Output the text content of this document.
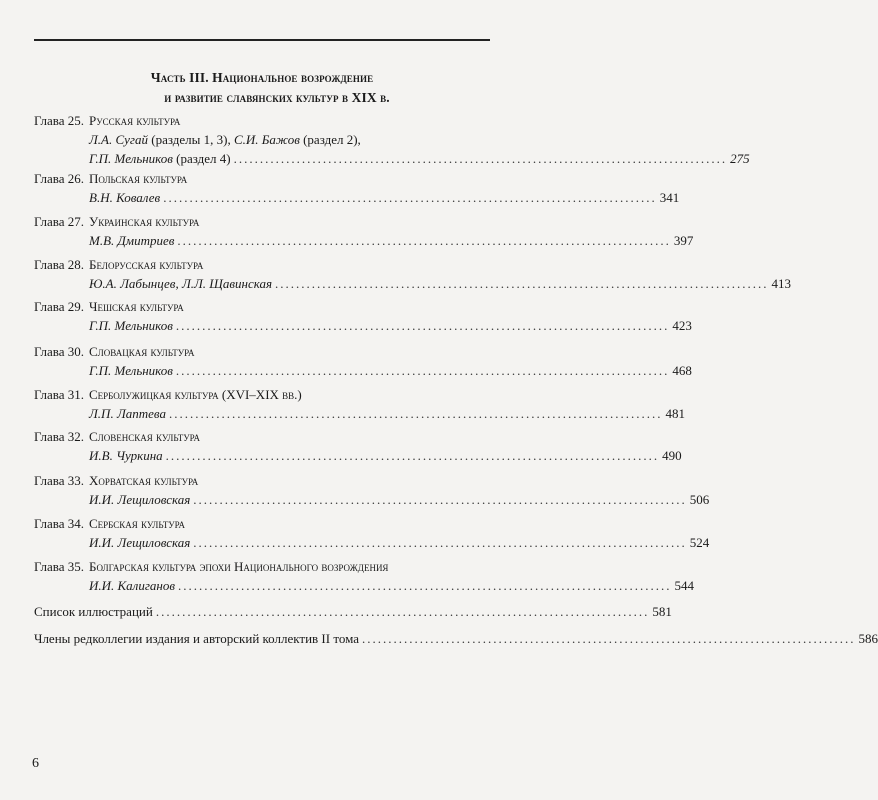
Часть III. Национальное возрождение
и развитие славянских культур в XIX в.
Глава 25. Русская культура
Л.А. Сугай (разделы 1, 3), С.И. Бажов (раздел 2),
Г.П. Мельников (раздел 4) .............................................................................................. 275
Глава 26. Польская культура
В.Н. Ковалев .............................................................................................. 341
Глава 27. Украинская культура
М.В. Дмитриев .............................................................................................. 397
Глава 28. Белорусская культура
Ю.А. Лабынцев, Л.Л. Щавинская .............................................................................................. 413
Глава 29. Чешская культура
Г.П. Мельников .............................................................................................. 423
Глава 30. Словацкая культура
Г.П. Мельников .............................................................................................. 468
Глава 31. Серболужицкая культура (XVI–XIX вв.)
Л.П. Лаптева .............................................................................................. 481
Глава 32. Словенская культура
И.В. Чуркина .............................................................................................. 490
Глава 33. Хорватская культура
И.И. Лещиловская .............................................................................................. 506
Глава 34. Сербская культура
И.И. Лещиловская .............................................................................................. 524
Глава 35. Болгарская культура эпохи Национального возрождения
И.И. Калиганов .............................................................................................. 544
Список иллюстраций .............................................................................................. 581
Члены редколлегии издания и авторский коллектив II тома .............................................................................................. 586
6
